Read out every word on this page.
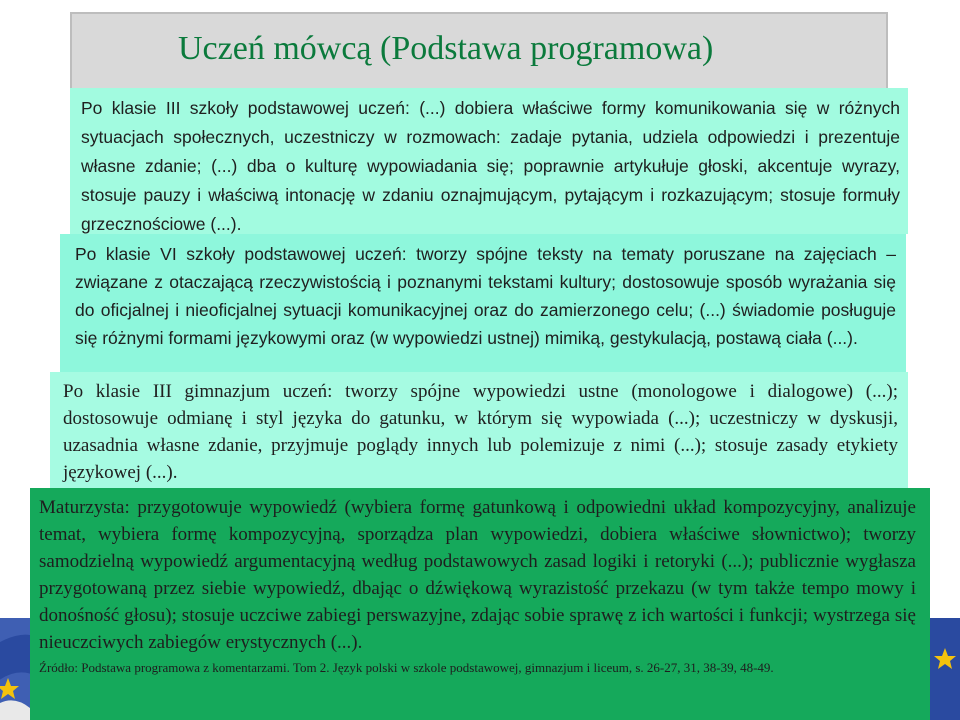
Uczeń mówcą (Podstawa programowa)
Po klasie III szkoły podstawowej uczeń: (...) dobiera właściwe formy komunikowania się w różnych sytuacjach społecznych, uczestniczy w rozmowach: zadaje pytania, udziela odpowiedzi i prezentuje własne zdanie; (...) dba o kulturę wypowiadania się; poprawnie artykułuje głoski, akcentuje wyrazy, stosuje pauzy i właściwą intonację w zdaniu oznajmującym, pytającym i rozkazującym; stosuje formuły grzecznościowe (...).
Po klasie VI szkoły podstawowej uczeń: tworzy spójne teksty na tematy poruszane na zajęciach – związane z otaczającą rzeczywistością i poznanymi tekstami kultury; dostosowuje sposób wyrażania się do oficjalnej i nieoficjalnej sytuacji komunikacyjnej oraz do zamierzonego celu; (...) świadomie posługuje się różnymi formami językowymi oraz (w wypowiedzi ustnej) mimiką, gestykulacją, postawą ciała (...).
Po klasie III gimnazjum uczeń: tworzy spójne wypowiedzi ustne (monologowe i dialogowe) (...); dostosowuje odmianę i styl języka do gatunku, w którym się wypowiada (...); uczestniczy w dyskusji, uzasadnia własne zdanie, przyjmuje poglądy innych lub polemizuje z nimi (...); stosuje zasady etykiety językowej (...).
Maturzysta: przygotowuje wypowiedź (wybiera formę gatunkową i odpowiedni układ kompozycyjny, analizuje temat, wybiera formę kompozycyjną, sporządza plan wypowiedzi, dobiera właściwe słownictwo); tworzy samodzielną wypowiedź argumentacyjną według podstawowych zasad logiki i retoryki (...); publicznie wygłasza przygotowaną przez siebie wypowiedź, dbając o dźwiękową wyrazistość przekazu (w tym także tempo mowy i donośność głosu); stosuje uczciwe zabiegi perswazyjne, zdając sobie sprawę z ich wartości i funkcji; wystrzega się nieuczciwych zabiegów erystycznych (...).
Źródło: Podstawa programowa z komentarzami. Tom 2. Język polski w szkole podstawowej, gimnazjum i liceum, s. 26-27, 31, 38-39, 48-49.
